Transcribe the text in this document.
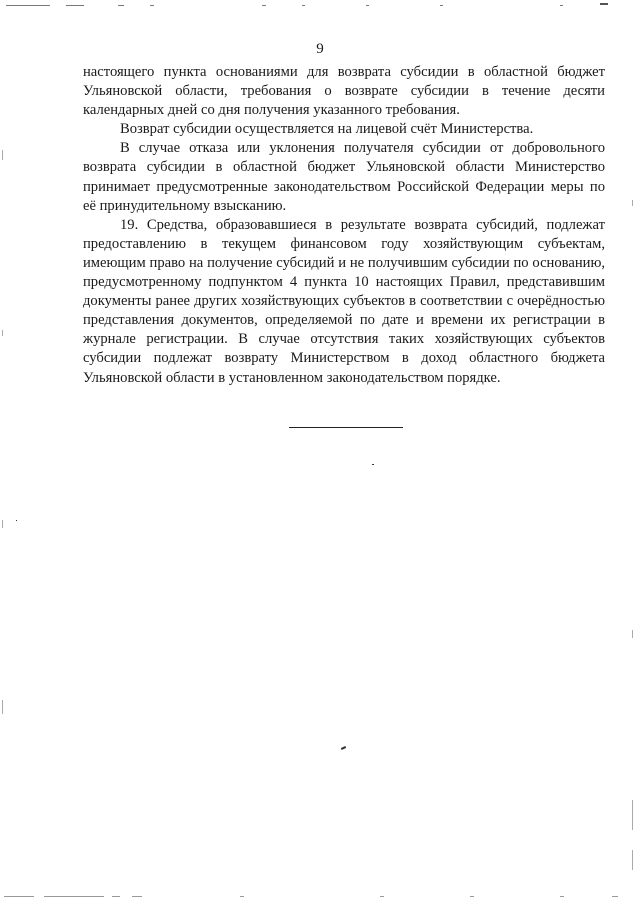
9

настоящего пункта основаниями для возврата субсидии в областной бюджет Ульяновской области, требования о возврате субсидии в течение десяти календарных дней со дня получения указанного требования.

Возврат субсидии осуществляется на лицевой счёт Министерства.

В случае отказа или уклонения получателя субсидии от добровольного возврата субсидии в областной бюджет Ульяновской области Министерство принимает предусмотренные законодательством Российской Федерации меры по её принудительному взысканию.

19. Средства, образовавшиеся в результате возврата субсидий, подлежат предоставлению в текущем финансовом году хозяйствующим субъектам, имеющим право на получение субсидий и не получившим субсидии по основанию, предусмотренному подпунктом 4 пункта 10 настоящих Правил, представившим документы ранее других хозяйствующих субъектов в соответствии с очерёдностью представления документов, определяемой по дате и времени их регистрации в журнале регистрации. В случае отсутствия таких хозяйствующих субъектов субсидии подлежат возврату Министерством в доход областного бюджета Ульяновской области в установленном законодательством порядке.
